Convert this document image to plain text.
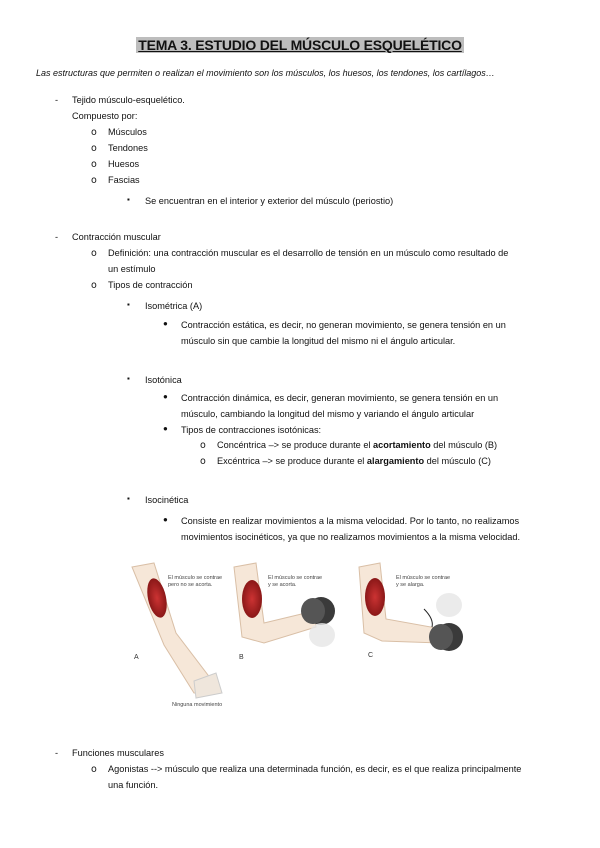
TEMA 3. ESTUDIO DEL MÚSCULO ESQUELÉTICO
Las estructuras que permiten o realizan el movimiento son los músculos, los huesos, los tendones, los cartílagos…
- Tejido músculo-esquelético.
Compuesto por:
o Músculos
o Tendones
o Huesos
o Fascias
▪ Se encuentran en el interior y exterior del músculo (periostio)
- Contracción muscular
o Definición: una contracción muscular es el desarrollo de tensión en un músculo como resultado de
un estímulo
o Tipos de contracción
▪ Isométrica (A)
● Contracción estática, es decir, no generan movimiento, se genera tensión en un
músculo sin que cambie la longitud del mismo ni el ángulo articular.
▪ Isotónica
● Contracción dinámica, es decir, generan movimiento, se genera tensión en un
músculo, cambiando la longitud del mismo y variando el ángulo articular
● Tipos de contracciones isotónicas:
o Concéntrica –> se produce durante el acortamiento del músculo (B)
o Excéntrica –> se produce durante el alargamiento del músculo (C)
▪ Isocinética
● Consiste en realizar movimientos a la misma velocidad. Por lo tanto, no realizamos
movimientos isocinéticos, ya que no realizamos movimientos a la misma velocidad.
El músculo se contrae
pero no se acorta.
A
Ninguna movimiento
El músculo se contrae
y se acorta.
B
El músculo se contrae
y se alarga.
C
- Funciones musculares
o Agonistas --> músculo que realiza una determinada función, es decir, es el que realiza principalmente
una función.
